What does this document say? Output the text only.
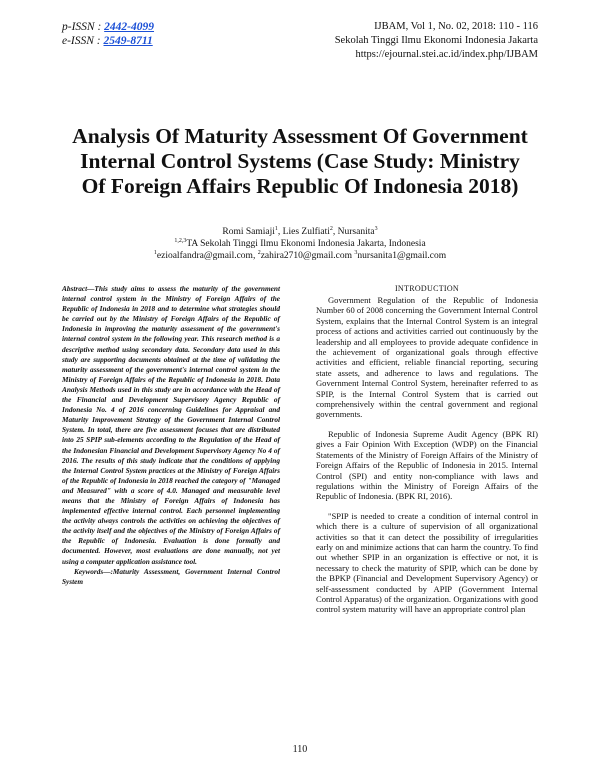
p-ISSN : 2442-4099
e-ISSN : 2549-8711
IJBAM, Vol 1, No. 02, 2018: 110 - 116
Sekolah Tinggi Ilmu Ekonomi Indonesia Jakarta
https://ejournal.stei.ac.id/index.php/IJBAM
Analysis Of Maturity Assessment Of Government Internal Control Systems (Case Study: Ministry Of Foreign Affairs Republic Of Indonesia 2018)
Romi Samiaji$^1$, Lies Zulfiati$^2$, Nursanita$^3$
$^{1,2,3}$TA Sekolah Tinggi Ilmu Ekonomi Indonesia Jakarta, Indonesia
$^1$ezioalfandra@gmail.com, $^2$zahira2710@gmail.com $^3$nursanita1@gmail.com

Abstract—This study aims to assess the maturity of the government internal control system in the Ministry of Foreign Affairs of the Republic of Indonesia in 2018 and to determine what strategies should be carried out by the Ministry of Foreign Affairs of the Republic of Indonesia in improving the maturity assessment of the government's internal control system in the following year. This research method is a descriptive method using secondary data. Secondary data used in this study are supporting documents obtained at the time of validating the maturity assessment of the government's internal control system in the Ministry of Foreign Affairs of the Republic of Indonesia in 2018. Data Analysis Methods used in this study are in accordance with the Head of the Financial and Development Supervisory Agency Republic of Indonesia No. 4 of 2016 concerning Guidelines for Appraisal and Maturity Improvement Strategy of the Government Internal Control System. In total, there are five assessment focuses that are distributed into 25 SPIP sub-elements according to the Regulation of the Head of the Indonesian Financial and Development Supervisory Agency No 4 of 2016. The results of this study indicate that the conditions of applying the Internal Control System practices at the Ministry of Foreign Affairs of the Republic of Indonesia in 2018 reached the category of "Managed and Measured" with a score of 4.0. Managed and measurable level means that the Ministry of Foreign Affairs of Indonesia has implemented effective internal control. Each personnel implementing the activity always controls the activities on achieving the objectives of the activity itself and the objectives of the Ministry of Foreign Affairs of the Republic of Indonesia. Evaluation is done formally and documented. However, most evaluations are done manually, not yet using a computer application assistance tool.

Keywords—:Maturity Assessment, Government Internal Control System

INTRODUCTION

Government Regulation of the Republic of Indonesia Number 60 of 2008 concerning the Government Internal Control System, explains that the Internal Control System is an integral process of actions and activities carried out continuously by the leadership and all employees to provide adequate confidence in the achievement of organizational goals through effective activities and efficient, reliable financial reporting, securing state assets, and adherence to laws and regulations. The Government Internal Control System, hereinafter referred to as SPIP, is the Internal Control System that is carried out comprehensively within the central government and regional governments.

Republic of Indonesia Supreme Audit Agency (BPK RI) gives a Fair Opinion With Exception (WDP) on the Financial Statements of the Ministry of Foreign Affairs of the Ministry of Foreign Affairs of the Republic of Indonesia in 2015. Internal Control (SPI) and entity non-compliance with laws and regulations within the Ministry of Foreign Affairs of the Republic of Indonesia. (BPK RI, 2016).

"SPIP is needed to create a condition of internal control in which there is a culture of supervision of all organizational activities so that it can detect the possibility of irregularities early on and minimize actions that can harm the country. To find out whether SPIP in an organization is effective or not, it is necessary to check the maturity of SPIP, which can be done by the BPKP (Financial and Development Supervisory Agency) or self-assessment conducted by APIP (Government Internal Control Apparatus) of the organization. Organizations with good control system maturity will have an appropriate control plan

110
